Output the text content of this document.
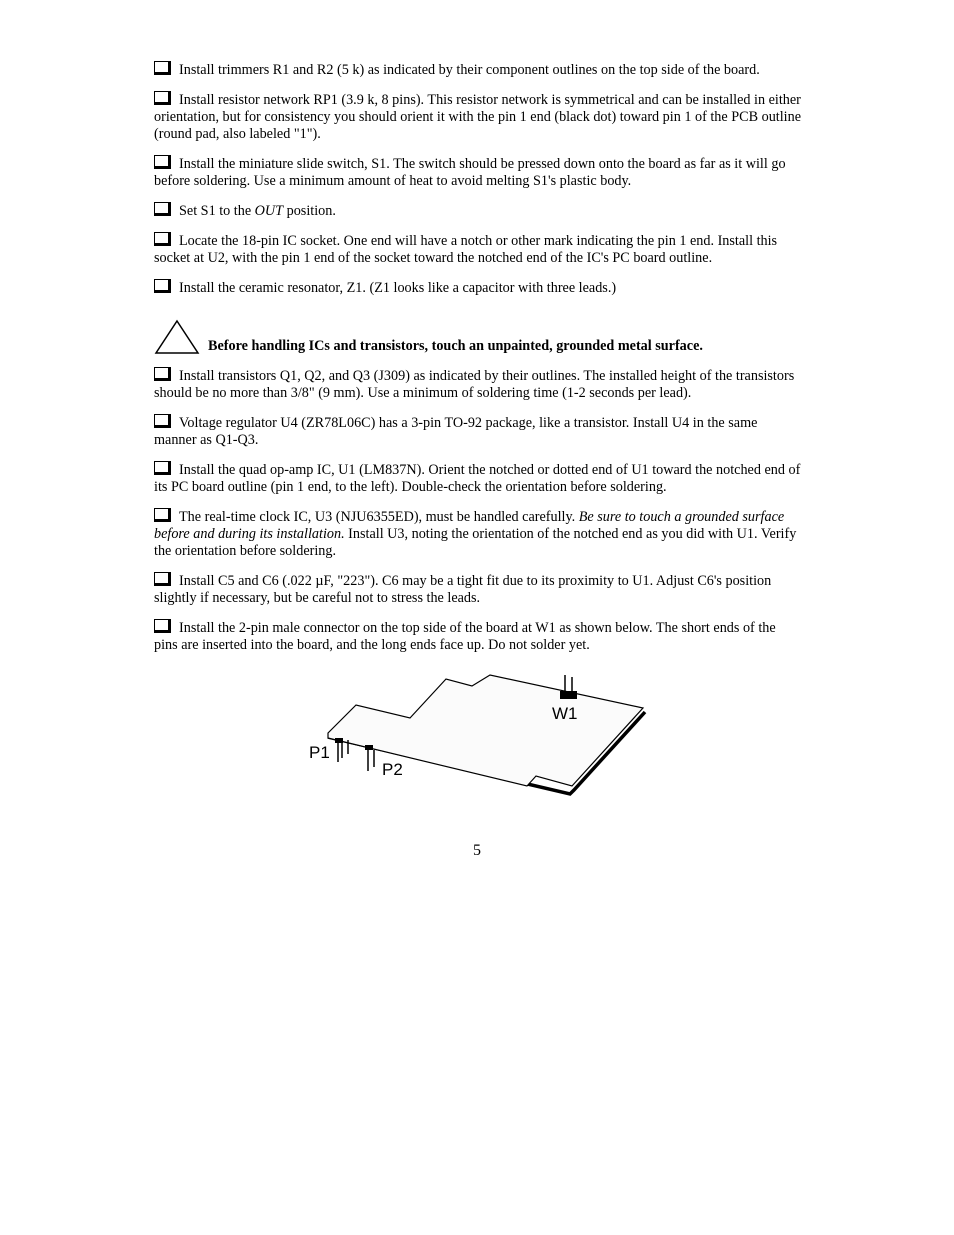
Install trimmers R1 and R2 (5 k) as indicated by their component outlines on the top side of the board.

Install resistor network RP1 (3.9 k, 8 pins). This resistor network is symmetrical and can be installed in either orientation, but for consistency you should orient it with the pin 1 end (black dot) toward pin 1 of the PCB outline (round pad, also labeled "1").

Install the miniature slide switch, S1. The switch should be pressed down onto the board as far as it will go before soldering. Use a minimum amount of heat to avoid melting S1's plastic body.

Set S1 to the OUT position.

Locate the 18-pin IC socket. One end will have a notch or other mark indicating the pin 1 end. Install this socket at U2, with the pin 1 end of the socket toward the notched end of the IC's PC board outline.

Install the ceramic resonator, Z1. (Z1 looks like a capacitor with three leads.)

Before handling ICs and transistors, touch an unpainted, grounded metal surface.

Install transistors Q1, Q2, and Q3 (J309) as indicated by their outlines. The installed height of the transistors should be no more than 3/8" (9 mm). Use a minimum of soldering time (1-2 seconds per lead).

Voltage regulator U4 (ZR78L06C) has a 3-pin TO-92 package, like a transistor. Install U4 in the same manner as Q1-Q3.

Install the quad op-amp IC, U1 (LM837N). Orient the notched or dotted end of U1 toward the notched end of its PC board outline (pin 1 end, to the left). Double-check the orientation before soldering.

The real-time clock IC, U3 (NJU6355ED), must be handled carefully. Be sure to touch a grounded surface before and during its installation. Install U3, noting the orientation of the notched end as you did with U1. Verify the orientation before soldering.

Install C5 and C6 (.022 µF, "223"). C6 may be a tight fit due to its proximity to U1. Adjust C6's position slightly if necessary, but be careful not to stress the leads.

Install the 2-pin male connector on the top side of the board at W1 as shown below. The short ends of the pins are inserted into the board, and the long ends face up. Do not solder yet.

W1
P1
P2
5
